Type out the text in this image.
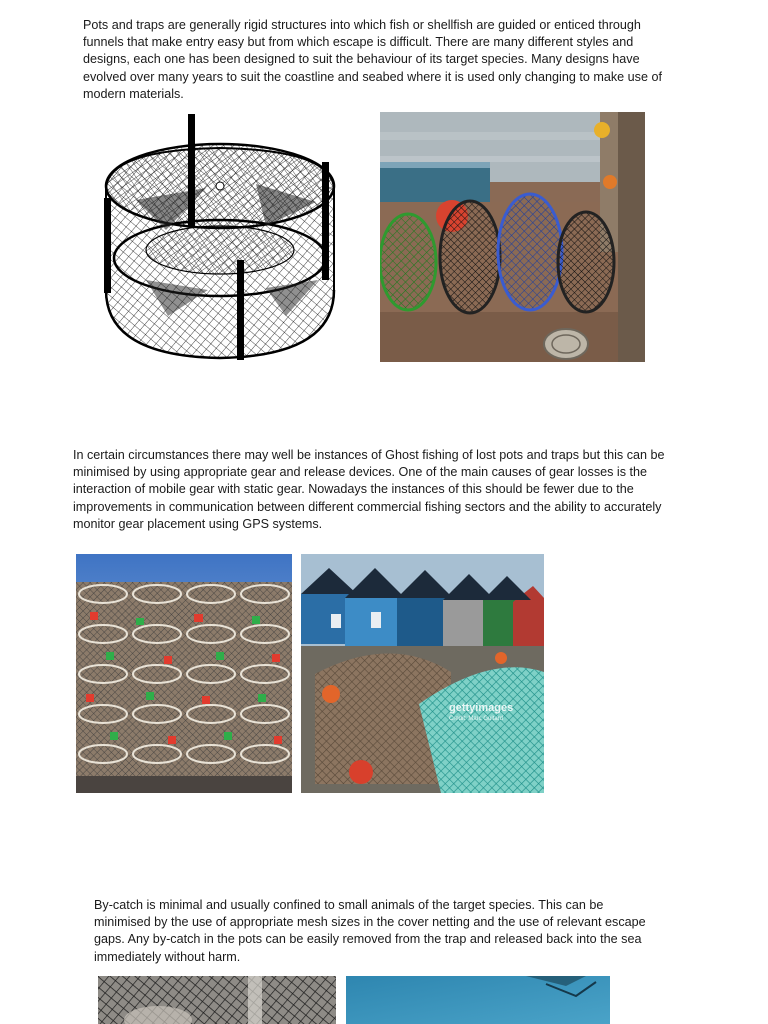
Pots and traps are generally rigid structures into which fish or shellfish are guided or enticed through funnels that make entry easy but from which escape is difficult. There are many different styles and designs, each one has been designed to suit the behaviour of its target species. Many designs have evolved over many years to suit the coastline and seabed where it is used only changing to make use of modern materials.

In certain circumstances there may well be instances of Ghost fishing of lost pots and traps but this can be minimised by using appropriate gear and release devices. One of the main causes of gear losses is the interaction of mobile gear with static gear. Nowadays the instances of this should be fewer due to the improvements in communication between different commercial fishing sectors and the ability to accurately monitor gear placement using GPS systems.

gettyimages
Credit: Marc Guitard

By-catch is minimal and usually confined to small animals of the target species. This can be minimised by the use of appropriate mesh sizes in the cover netting and the use of relevant escape gaps. Any by-catch in the pots can be easily removed from the trap and released back into the sea immediately without harm.
